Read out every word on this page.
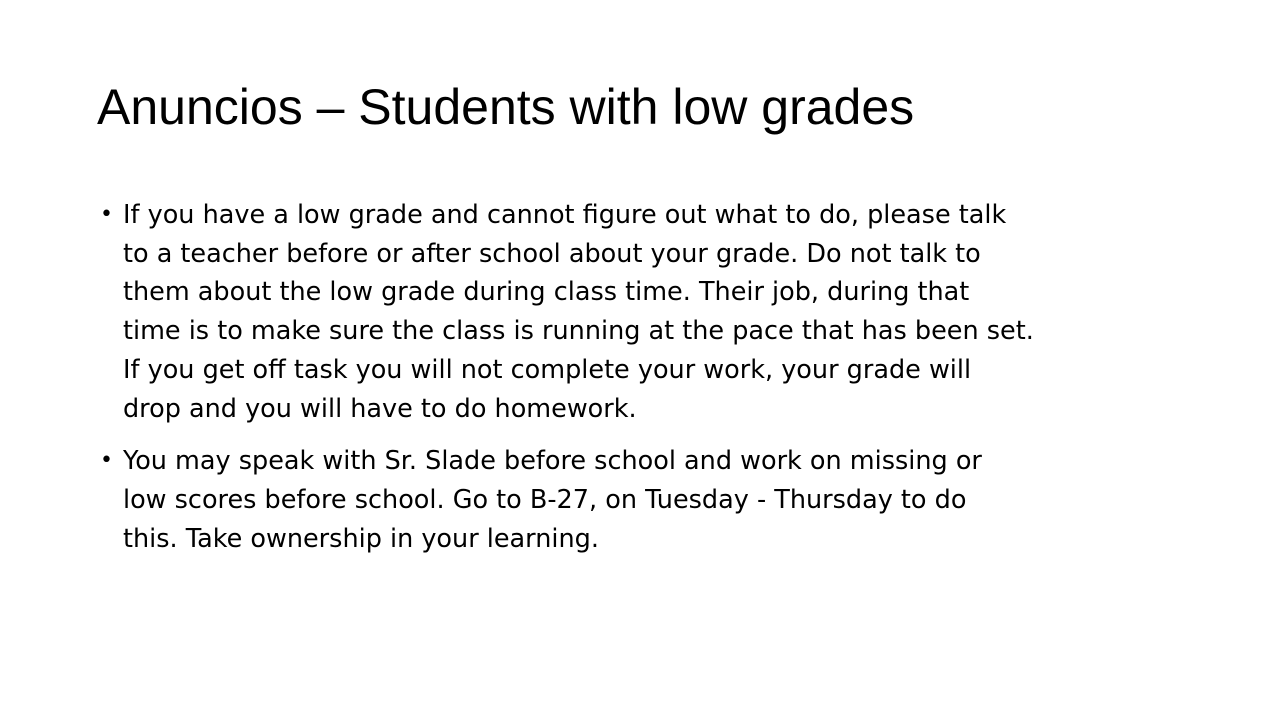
Anuncios – Students with low grades
• If you have a low grade and cannot figure out what to do, please talk
to a teacher before or after school about your grade. Do not talk to
them about the low grade during class time. Their job, during that
time is to make sure the class is running at the pace that has been set.
If you get off task you will not complete your work, your grade will
drop and you will have to do homework.
• You may speak with Sr. Slade before school and work on missing or
low scores before school. Go to B-27, on Tuesday - Thursday to do
this. Take ownership in your learning.
